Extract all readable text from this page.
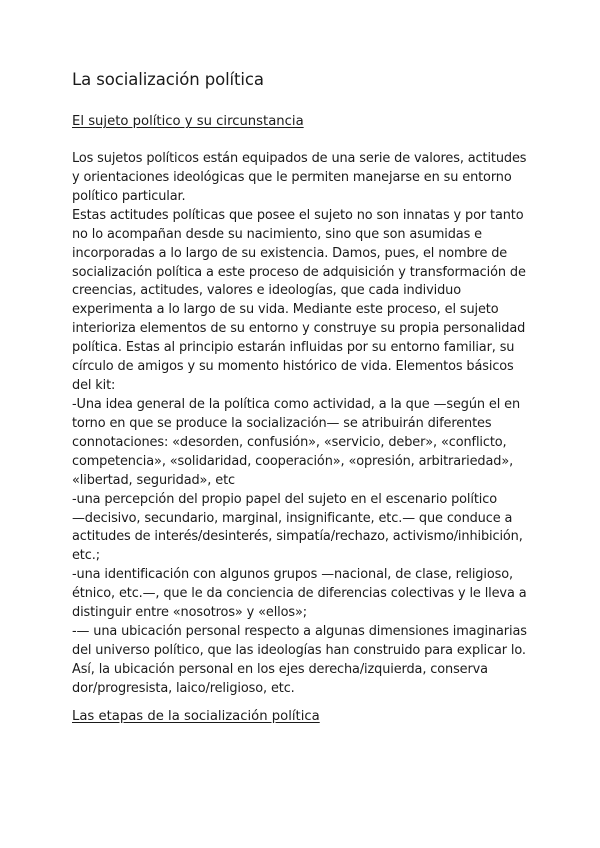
La socialización política
El sujeto político y su circunstancia
Los sujetos políticos están equipados de una serie de valores, actitudes
y orientaciones ideológicas que le permiten manejarse en su entorno
político particular.
Estas actitudes políticas que posee el sujeto no son innatas y por tanto
no lo acompañan desde su nacimiento, sino que son asumidas e
incorporadas a lo largo de su existencia. Damos, pues, el nombre de
socialización política a este proceso de adquisición y transformación de
creencias, actitudes, valores e ideologías, que cada individuo
experimenta a lo largo de su vida. Mediante este proceso, el sujeto
interioriza elementos de su entorno y construye su propia personalidad
política. Estas al principio estarán influidas por su entorno familiar, su
círculo de amigos y su momento histórico de vida. Elementos básicos
del kit:
-Una idea general de la política como actividad, a la que —según el en
torno en que se produce la socialización— se atribuirán diferentes
connotaciones: «desorden, confusión», «servicio, deber», «conflicto,
competencia», «solidaridad, cooperación», «opresión, arbitrariedad»,
«libertad, seguridad», etc
-una percepción del propio papel del sujeto en el escenario político
—decisivo, secundario, marginal, insignificante, etc.— que conduce a
actitudes de interés/desinterés, simpatía/rechazo, activismo/inhibición,
etc.;
-una identificación con algunos grupos —nacional, de clase, religioso,
étnico, etc.—, que le da conciencia de diferencias colectivas y le lleva a
distinguir entre «nosotros» y «ellos»;
-— una ubicación personal respecto a algunas dimensiones imaginarias
del universo político, que las ideologías han construido para explicar lo.
Así, la ubicación personal en los ejes derecha/izquierda, conserva
dor/progresista, laico/religioso, etc.
Las etapas de la socialización política
